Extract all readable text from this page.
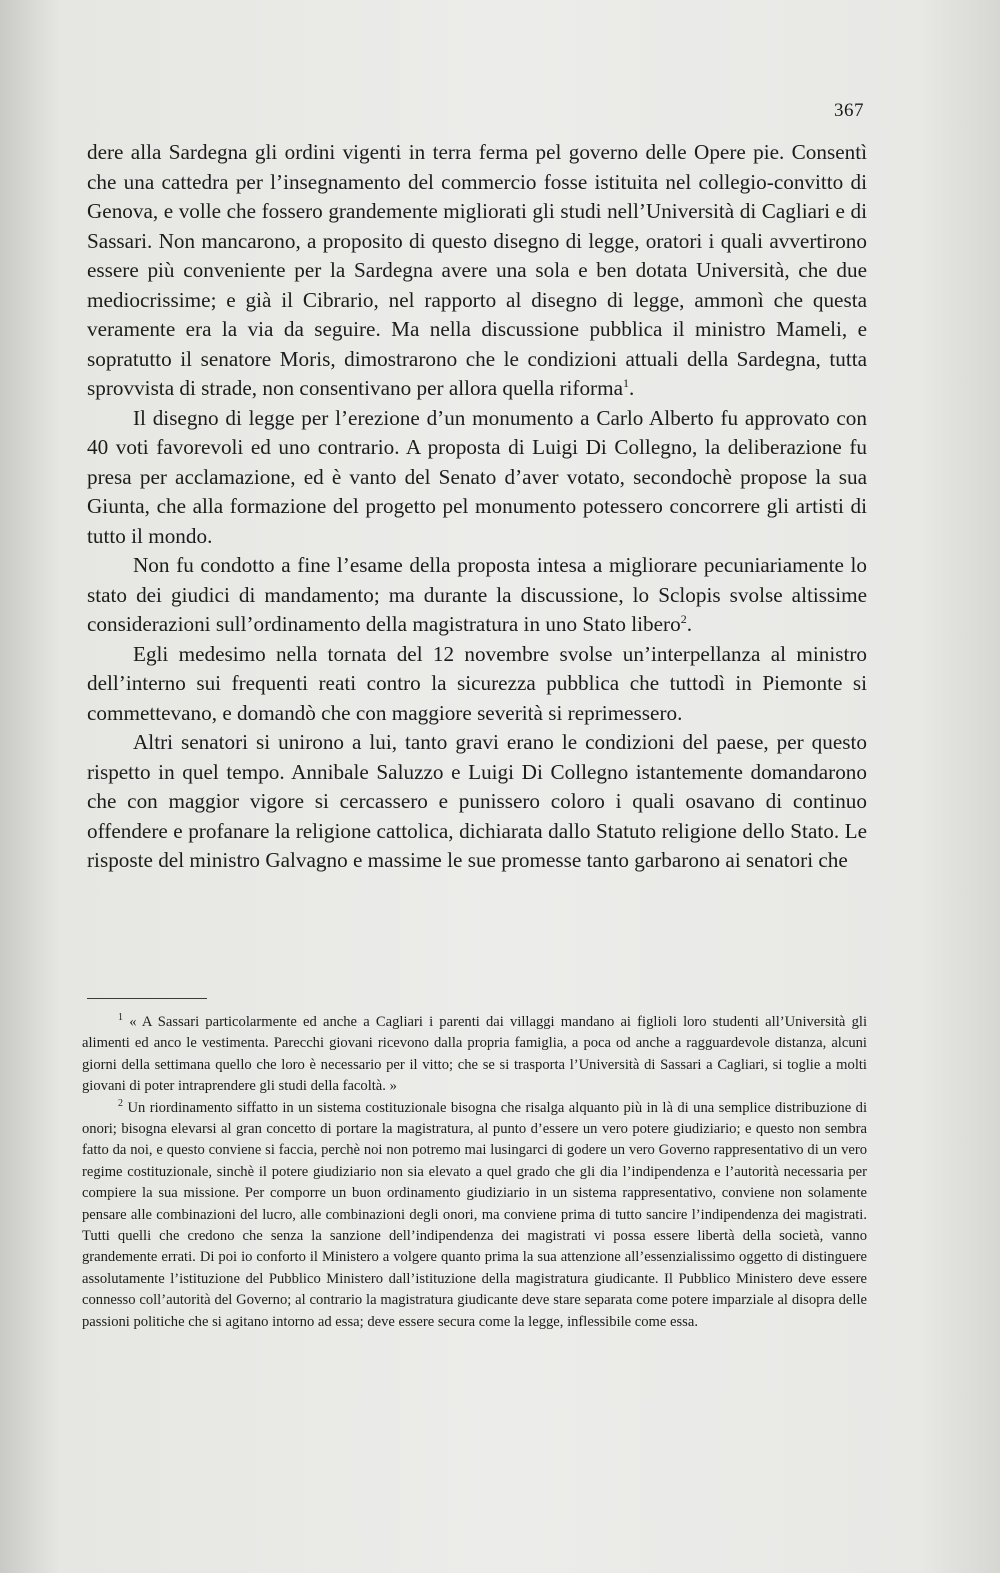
367

dere alla Sardegna gli ordini vigenti in terra ferma pel governo delle Opere pie. Consentì che una cattedra per l’insegnamento del commercio fosse istituita nel collegio-convitto di Genova, e volle che fossero grandemente migliorati gli studi nell’Università di Cagliari e di Sassari. Non mancarono, a proposito di questo disegno di legge, oratori i quali avvertirono essere più conveniente per la Sardegna avere una sola e ben dotata Università, che due mediocrissime; e già il Cibrario, nel rapporto al disegno di legge, ammonì che questa veramente era la via da seguire. Ma nella discussione pubblica il ministro Mameli, e sopratutto il senatore Moris, dimostrarono che le condizioni attuali della Sardegna, tutta sprovvista di strade, non consentivano per allora quella riforma$^1$.

Il disegno di legge per l’erezione d’un monumento a Carlo Alberto fu approvato con 40 voti favorevoli ed uno contrario. A proposta di Luigi Di Collegno, la deliberazione fu presa per acclamazione, ed è vanto del Senato d’aver votato, secondochè propose la sua Giunta, che alla formazione del progetto pel monumento potessero concorrere gli artisti di tutto il mondo.

Non fu condotto a fine l’esame della proposta intesa a migliorare pecuniariamente lo stato dei giudici di mandamento; ma durante la discussione, lo Sclopis svolse altissime considerazioni sull’ordinamento della magistratura in uno Stato libero$^2$.

Egli medesimo nella tornata del 12 novembre svolse un’interpellanza al ministro dell’interno sui frequenti reati contro la sicurezza pubblica che tuttodì in Piemonte si commettevano, e domandò che con maggiore severità si reprimessero.

Altri senatori si unirono a lui, tanto gravi erano le condizioni del paese, per questo rispetto in quel tempo. Annibale Saluzzo e Luigi Di Collegno istantemente domandarono che con maggior vigore si cercassero e punissero coloro i quali osavano di continuo offendere e profanare la religione cattolica, dichiarata dallo Statuto religione dello Stato. Le risposte del ministro Galvagno e massime le sue promesse tanto garbarono ai senatori che

$^1$ « A Sassari particolarmente ed anche a Cagliari i parenti dai villaggi mandano ai figlioli loro studenti all’Università gli alimenti ed anco le vestimenta. Parecchi giovani ricevono dalla propria famiglia, a poca od anche a ragguardevole distanza, alcuni giorni della settimana quello che loro è necessario per il vitto; che se si trasporta l’Università di Sassari a Cagliari, si toglie a molti giovani di poter intraprendere gli studi della facoltà. »

$^2$ Un riordinamento siffatto in un sistema costituzionale bisogna che risalga alquanto più in là di una semplice distribuzione di onori; bisogna elevarsi al gran concetto di portare la magistratura, al punto d’essere un vero potere giudiziario; e questo non sembra fatto da noi, e questo conviene si faccia, perchè noi non potremo mai lusingarci di godere un vero Governo rappresentativo di un vero regime costituzionale, sinchè il potere giudiziario non sia elevato a quel grado che gli dia l’indipendenza e l’autorità necessaria per compiere la sua missione. Per comporre un buon ordinamento giudiziario in un sistema rappresentativo, conviene non solamente pensare alle combinazioni del lucro, alle combinazioni degli onori, ma conviene prima di tutto sancire l’indipendenza dei magistrati. Tutti quelli che credono che senza la sanzione dell’indipendenza dei magistrati vi possa essere libertà della società, vanno grandemente errati. Di poi io conforto il Ministero a volgere quanto prima la sua attenzione all’essenzialissimo oggetto di distinguere assolutamente l’istituzione del Pubblico Ministero dall’istituzione della magistratura giudicante. Il Pubblico Ministero deve essere connesso coll’autorità del Governo; al contrario la magistratura giudicante deve stare separata come potere imparziale al disopra delle passioni politiche che si agitano intorno ad essa; deve essere secura come la legge, inflessibile come essa.
